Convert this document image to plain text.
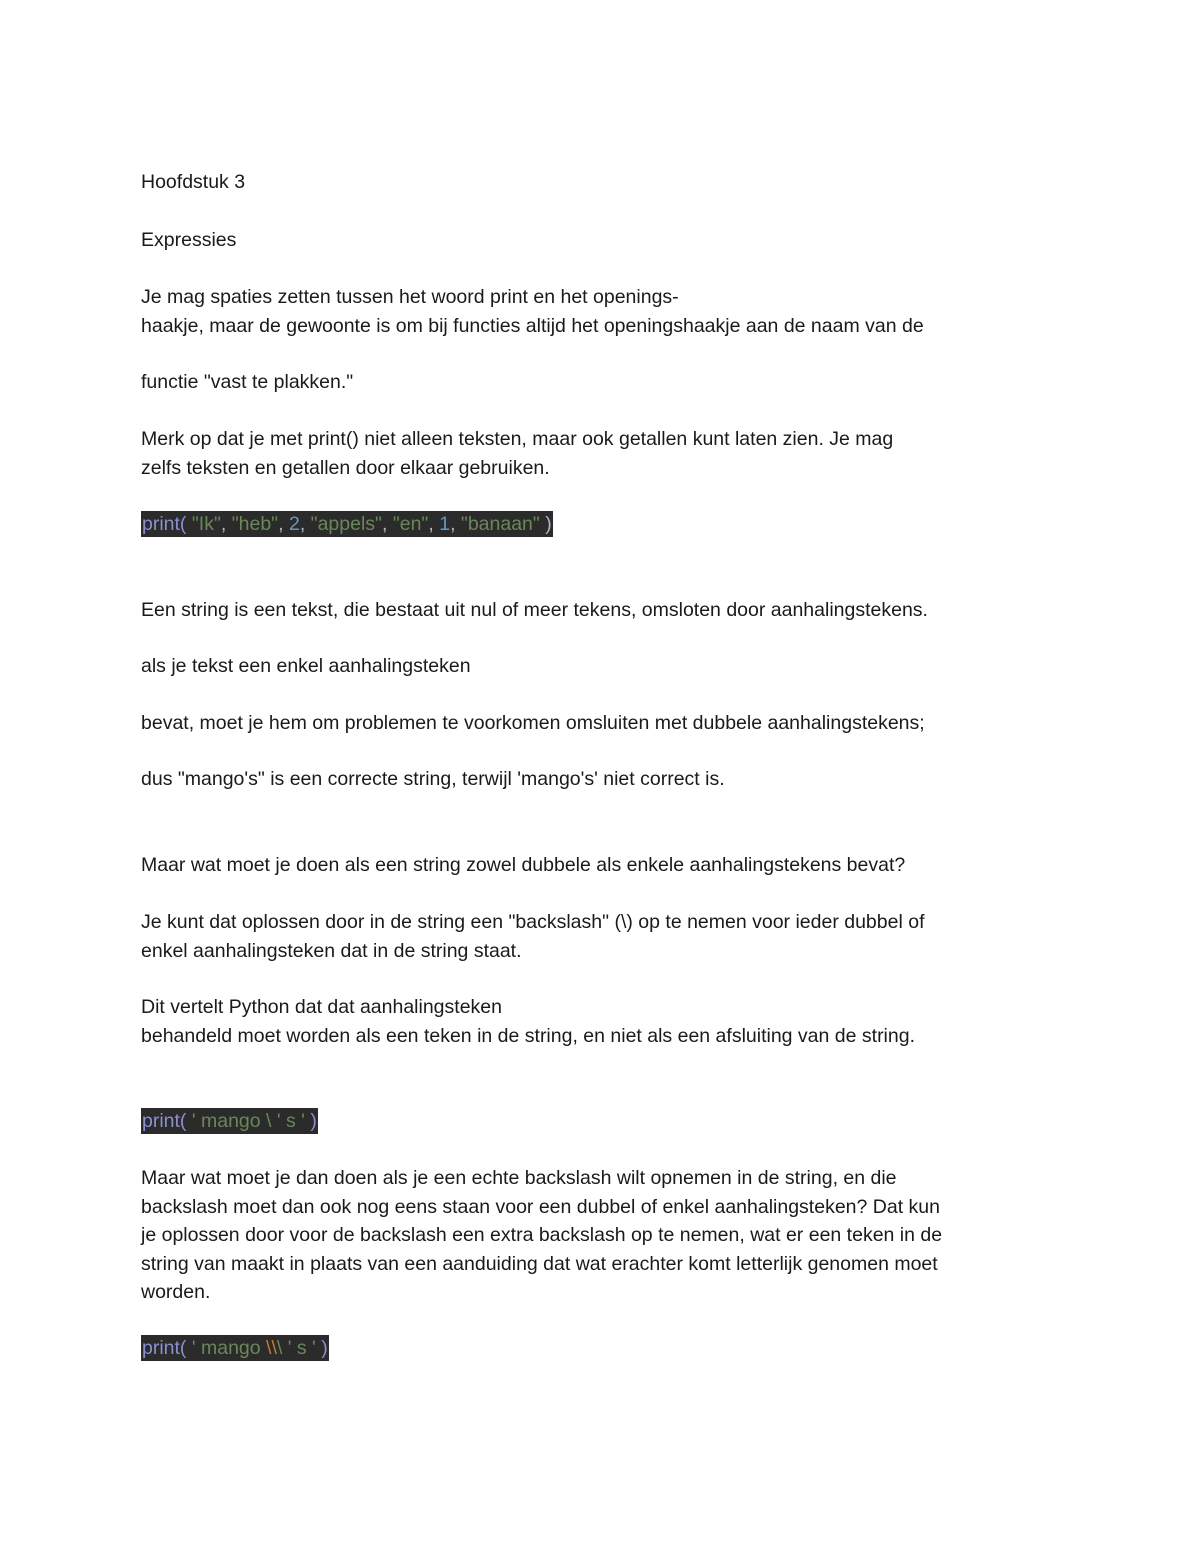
Hoofdstuk 3

Expressies

Je mag spaties zetten tussen het woord print en het openings-
haakje, maar de gewoonte is om bij functies altijd het openingshaakje aan de naam van de

functie "vast te plakken."

Merk op dat je met print() niet alleen teksten, maar ook getallen kunt laten zien. Je mag
zelfs teksten en getallen door elkaar gebruiken.

print( "Ik", "heb", 2, "appels", "en", 1, "banaan" )

Een string is een tekst, die bestaat uit nul of meer tekens, omsloten door aanhalingstekens.

als je tekst een enkel aanhalingsteken

bevat, moet je hem om problemen te voorkomen omsluiten met dubbele aanhalingstekens;

dus "mango's" is een correcte string, terwijl 'mango's' niet correct is.

Maar wat moet je doen als een string zowel dubbele als enkele aanhalingstekens bevat?

Je kunt dat oplossen door in de string een "backslash" (\) op te nemen voor ieder dubbel of
enkel aanhalingsteken dat in de string staat.

Dit vertelt Python dat dat aanhalingsteken
behandeld moet worden als een teken in de string, en niet als een afsluiting van de string.

print( ' mango \ ' s ' )

Maar wat moet je dan doen als je een echte backslash wilt opnemen in de string, en die
backslash moet dan ook nog eens staan voor een dubbel of enkel aanhalingsteken? Dat kun
je oplossen door voor de backslash een extra backslash op te nemen, wat er een teken in de
string van maakt in plaats van een aanduiding dat wat erachter komt letterlijk genomen moet
worden.

print( ' mango \\\ ' s ' )
